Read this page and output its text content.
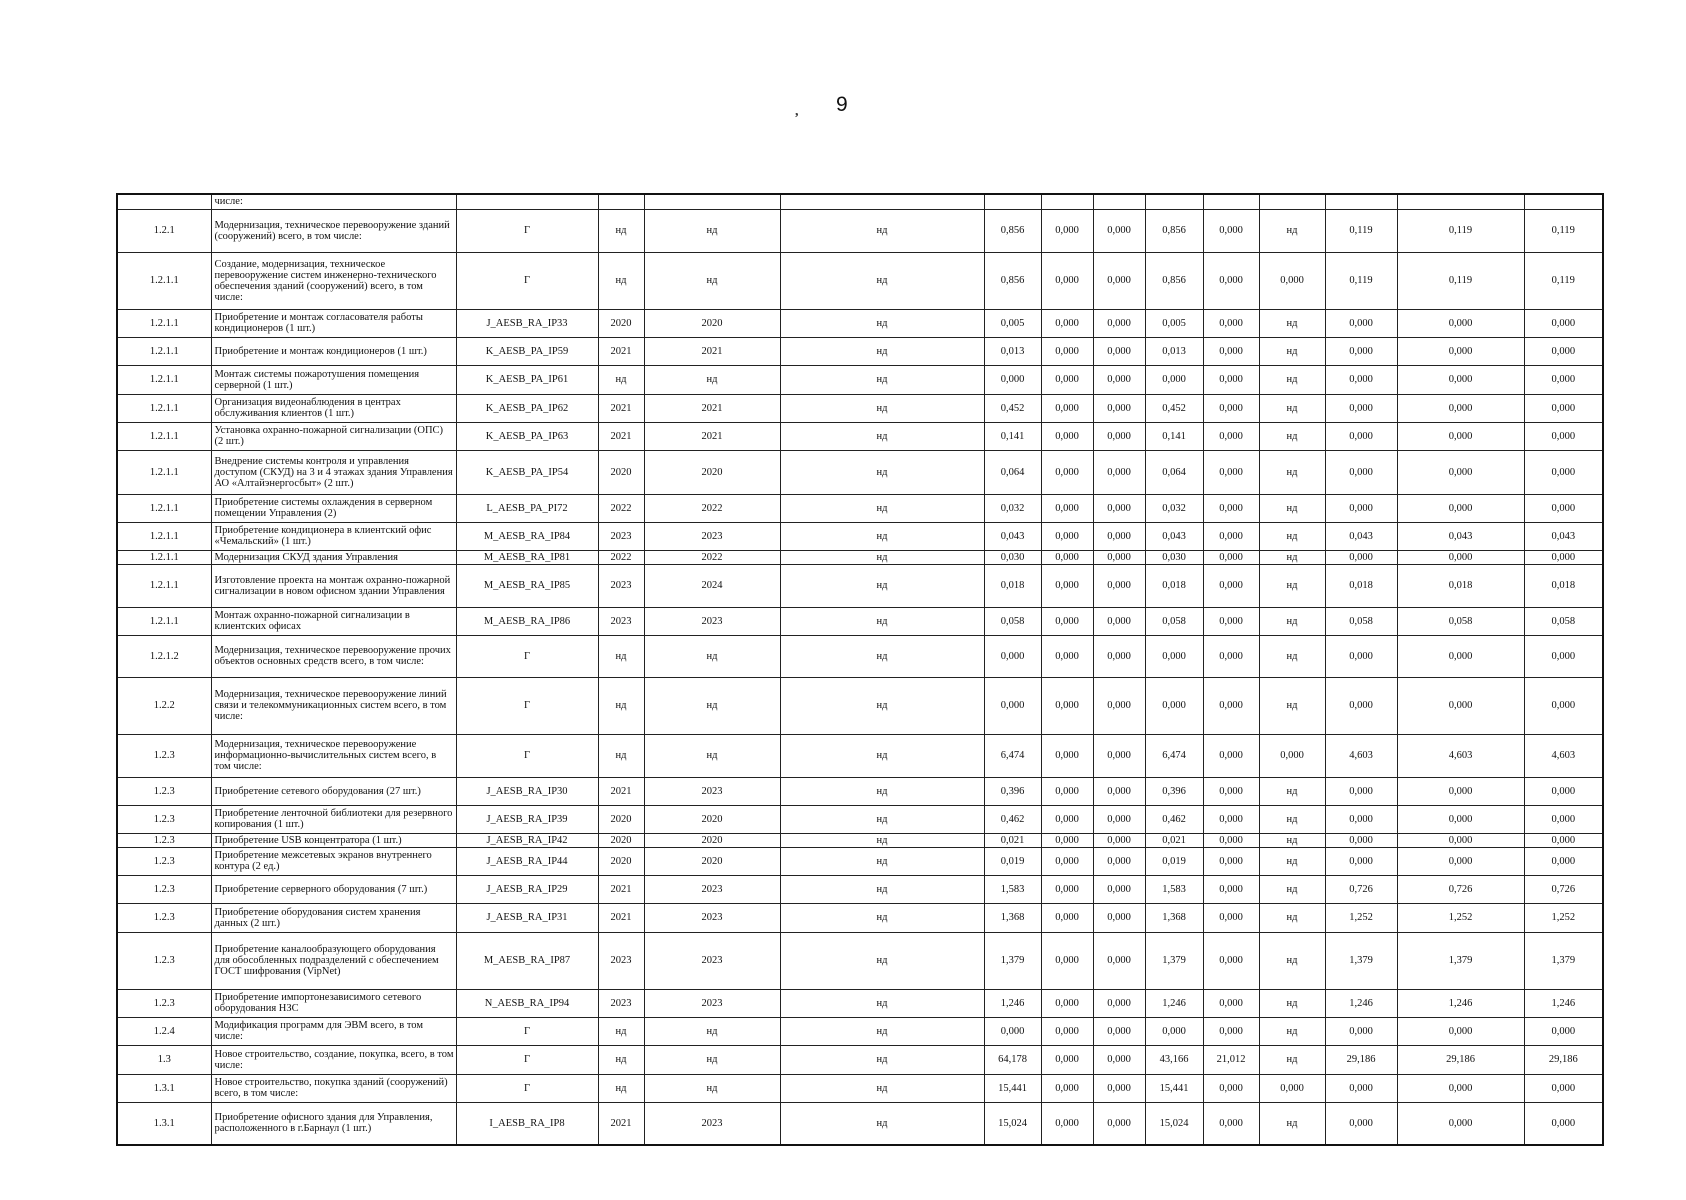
, 9
	числе:													
1.2.1	Модернизация, техническое перевооружение зданий (сооружений) всего, в том числе:	Г	нд	нд	нд	0,856	0,000	0,000	0,856	0,000	нд	0,119	0,119	0,119
1.2.1.1	Создание, модернизация, техническое перевооружение систем инженерно-технического обеспечения зданий (сооружений) всего, в том числе:	Г	нд	нд	нд	0,856	0,000	0,000	0,856	0,000	0,000	0,119	0,119	0,119
1.2.1.1	Приобретение и монтаж согласователя работы кондиционеров (1 шт.)	J_AESB_RA_IP33	2020	2020	нд	0,005	0,000	0,000	0,005	0,000	нд	0,000	0,000	0,000
1.2.1.1	Приобретение и монтаж кондиционеров (1 шт.)	K_AESB_PA_IP59	2021	2021	нд	0,013	0,000	0,000	0,013	0,000	нд	0,000	0,000	0,000
1.2.1.1	Монтаж системы пожаротушения помещения серверной (1 шт.)	K_AESB_PA_IP61	нд	нд	нд	0,000	0,000	0,000	0,000	0,000	нд	0,000	0,000	0,000
1.2.1.1	Организация видеонаблюдения в центрах обслуживания клиентов (1 шт.)	K_AESB_PA_IP62	2021	2021	нд	0,452	0,000	0,000	0,452	0,000	нд	0,000	0,000	0,000
1.2.1.1	Установка охранно-пожарной сигнализации (ОПС) (2 шт.)	K_AESB_PA_IP63	2021	2021	нд	0,141	0,000	0,000	0,141	0,000	нд	0,000	0,000	0,000
1.2.1.1	Внедрение системы контроля и управления доступом (СКУД) на 3 и 4 этажах здания Управления АО «Алтайэнергосбыт» (2 шт.)	K_AESB_PA_IP54	2020	2020	нд	0,064	0,000	0,000	0,064	0,000	нд	0,000	0,000	0,000
1.2.1.1	Приобретение системы охлаждения в серверном помещении Управления (2)	L_AESB_PA_PI72	2022	2022	нд	0,032	0,000	0,000	0,032	0,000	нд	0,000	0,000	0,000
1.2.1.1	Приобретение кондиционера в клиентский офис «Чемальский» (1 шт.)	M_AESB_RA_IP84	2023	2023	нд	0,043	0,000	0,000	0,043	0,000	нд	0,043	0,043	0,043
1.2.1.1	Модернизация СКУД здания Управления	M_AESB_RA_IP81	2022	2022	нд	0,030	0,000	0,000	0,030	0,000	нд	0,000	0,000	0,000
1.2.1.1	Изготовление проекта на монтаж охранно-пожарной сигнализации в новом офисном здании Управления	M_AESB_RA_IP85	2023	2024	нд	0,018	0,000	0,000	0,018	0,000	нд	0,018	0,018	0,018
1.2.1.1	Монтаж охранно-пожарной сигнализации в клиентских офисах	M_AESB_RA_IP86	2023	2023	нд	0,058	0,000	0,000	0,058	0,000	нд	0,058	0,058	0,058
1.2.1.2	Модернизация, техническое перевооружение прочих объектов основных средств всего, в том числе:	Г	нд	нд	нд	0,000	0,000	0,000	0,000	0,000	нд	0,000	0,000	0,000
1.2.2	Модернизация, техническое перевооружение линий связи и телекоммуникационных систем всего, в том числе:	Г	нд	нд	нд	0,000	0,000	0,000	0,000	0,000	нд	0,000	0,000	0,000
1.2.3	Модернизация, техническое перевооружение информационно-вычислительных систем всего, в том числе:	Г	нд	нд	нд	6,474	0,000	0,000	6,474	0,000	0,000	4,603	4,603	4,603
1.2.3	Приобретение сетевого оборудования (27 шт.)	J_AESB_RA_IP30	2021	2023	нд	0,396	0,000	0,000	0,396	0,000	нд	0,000	0,000	0,000
1.2.3	Приобретение ленточной библиотеки для резервного копирования (1 шт.)	J_AESB_RA_IP39	2020	2020	нд	0,462	0,000	0,000	0,462	0,000	нд	0,000	0,000	0,000
1.2.3	Приобретение USB концентратора (1 шт.)	J_AESB_RA_IP42	2020	2020	нд	0,021	0,000	0,000	0,021	0,000	нд	0,000	0,000	0,000
1.2.3	Приобретение межсетевых экранов внутреннего контура (2 ед.)	J_AESB_RA_IP44	2020	2020	нд	0,019	0,000	0,000	0,019	0,000	нд	0,000	0,000	0,000
1.2.3	Приобретение серверного оборудования (7 шт.)	J_AESB_RA_IP29	2021	2023	нд	1,583	0,000	0,000	1,583	0,000	нд	0,726	0,726	0,726
1.2.3	Приобретение оборудования систем хранения данных (2 шт.)	J_AESB_RA_IP31	2021	2023	нд	1,368	0,000	0,000	1,368	0,000	нд	1,252	1,252	1,252
1.2.3	Приобретение каналообразующего оборудования для обособленных подразделений с обеспечением ГОСТ шифрования (VipNet)	M_AESB_RA_IP87	2023	2023	нд	1,379	0,000	0,000	1,379	0,000	нд	1,379	1,379	1,379
1.2.3	Приобретение импортонезависимого сетевого оборудования НЗС	N_AESB_RA_IP94	2023	2023	нд	1,246	0,000	0,000	1,246	0,000	нд	1,246	1,246	1,246
1.2.4	Модификация программ для ЭВМ всего, в том числе:	Г	нд	нд	нд	0,000	0,000	0,000	0,000	0,000	нд	0,000	0,000	0,000
1.3	Новое строительство, создание, покупка, всего, в том числе:	Г	нд	нд	нд	64,178	0,000	0,000	43,166	21,012	нд	29,186	29,186	29,186
1.3.1	Новое строительство, покупка зданий (сооружений) всего, в том числе:	Г	нд	нд	нд	15,441	0,000	0,000	15,441	0,000	0,000	0,000	0,000	0,000
1.3.1	Приобретение офисного здания для Управления, расположенного в г.Барнаул (1 шт.)	I_AESB_RA_IP8	2021	2023	нд	15,024	0,000	0,000	15,024	0,000	нд	0,000	0,000	0,000
